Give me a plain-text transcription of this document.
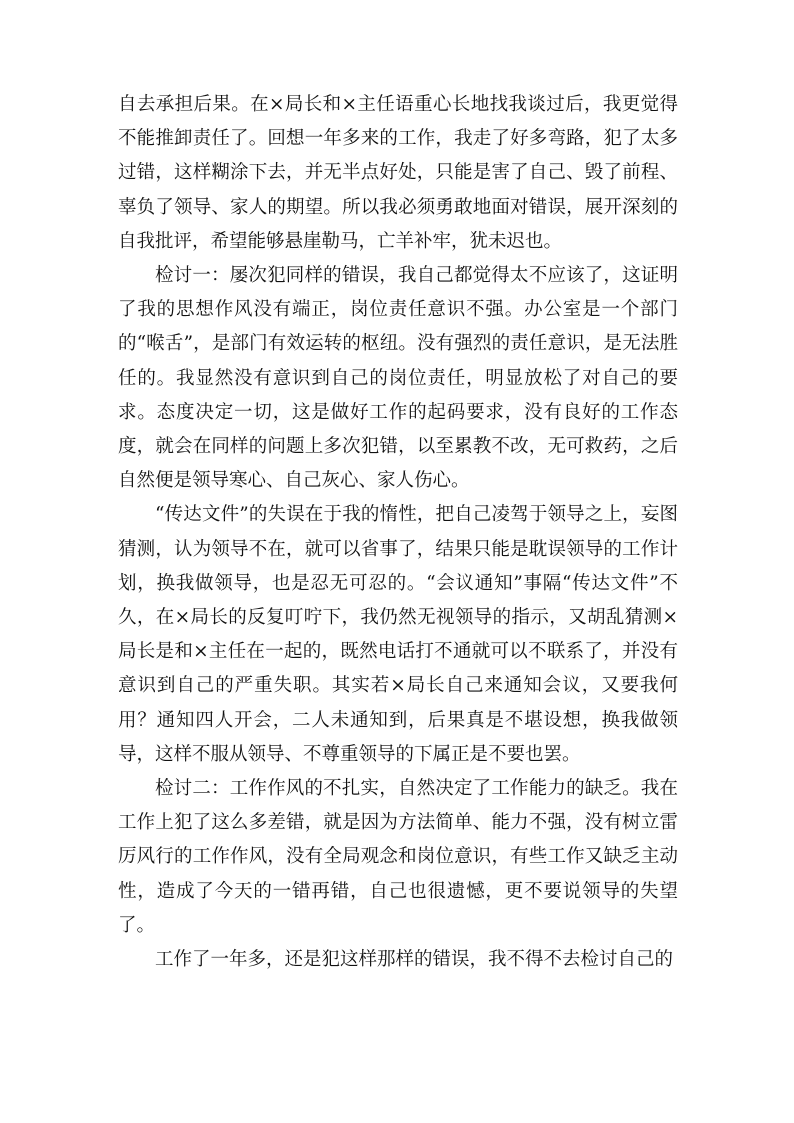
自去承担后果。在×局长和×主任语重心长地找我谈过后，我更觉得不能推卸责任了。回想一年多来的工作，我走了好多弯路，犯了太多过错，这样糊涂下去，并无半点好处，只能是害了自己、毁了前程、辜负了领导、家人的期望。所以我必须勇敢地面对错误，展开深刻的自我批评，希望能够悬崖勒马，亡羊补牢，犹未迟也。

检讨一：屡次犯同样的错误，我自己都觉得太不应该了，这证明了我的思想作风没有端正，岗位责任意识不强。办公室是一个部门的“喉舌”，是部门有效运转的枢纽。没有强烈的责任意识，是无法胜任的。我显然没有意识到自己的岗位责任，明显放松了对自己的要求。态度决定一切，这是做好工作的起码要求，没有良好的工作态度，就会在同样的问题上多次犯错，以至累教不改，无可救药，之后自然便是领导寒心、自己灰心、家人伤心。

“传达文件”的失误在于我的惰性，把自己凌驾于领导之上，妄图猜测，认为领导不在，就可以省事了，结果只能是耽误领导的工作计划，换我做领导，也是忍无可忍的。“会议通知”事隔“传达文件”不久，在×局长的反复叮咛下，我仍然无视领导的指示，又胡乱猜测×局长是和×主任在一起的，既然电话打不通就可以不联系了，并没有意识到自己的严重失职。其实若×局长自己来通知会议，又要我何用？通知四人开会，二人未通知到，后果真是不堪设想，换我做领导，这样不服从领导、不尊重领导的下属正是不要也罢。

检讨二：工作作风的不扎实，自然决定了工作能力的缺乏。我在工作上犯了这么多差错，就是因为方法简单、能力不强，没有树立雷厉风行的工作作风，没有全局观念和岗位意识，有些工作又缺乏主动性，造成了今天的一错再错，自己也很遗憾，更不要说领导的失望了。

工作了一年多，还是犯这样那样的错误，我不得不去检讨自己的
